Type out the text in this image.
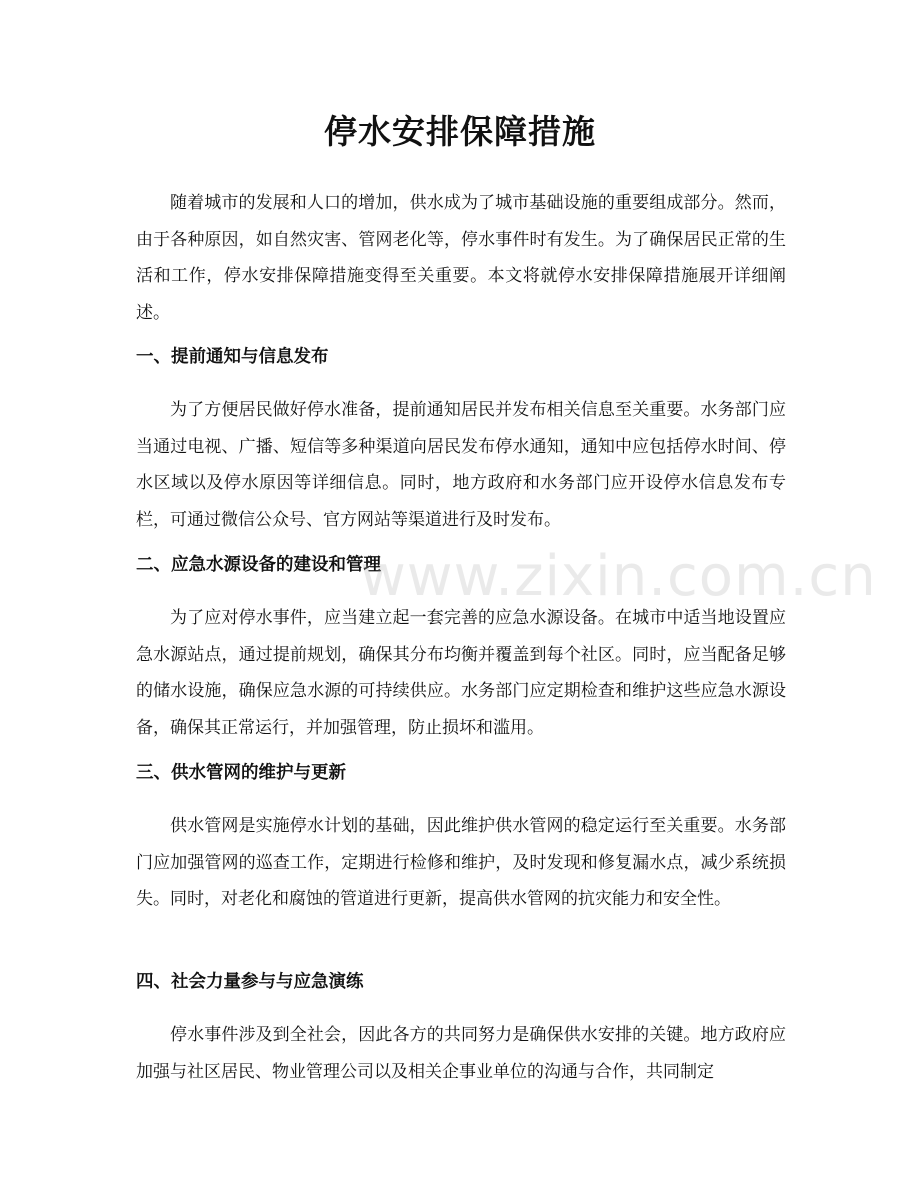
停水安排保障措施

随着城市的发展和人口的增加，供水成为了城市基础设施的重要组成部分。然而，由于各种原因，如自然灾害、管网老化等，停水事件时有发生。为了确保居民正常的生活和工作，停水安排保障措施变得至关重要。本文将就停水安排保障措施展开详细阐述。

一、提前通知与信息发布

为了方便居民做好停水准备，提前通知居民并发布相关信息至关重要。水务部门应当通过电视、广播、短信等多种渠道向居民发布停水通知，通知中应包括停水时间、停水区域以及停水原因等详细信息。同时，地方政府和水务部门应开设停水信息发布专栏，可通过微信公众号、官方网站等渠道进行及时发布。

二、应急水源设备的建设和管理

为了应对停水事件，应当建立起一套完善的应急水源设备。在城市中适当地设置应急水源站点，通过提前规划，确保其分布均衡并覆盖到每个社区。同时，应当配备足够的储水设施，确保应急水源的可持续供应。水务部门应定期检查和维护这些应急水源设备，确保其正常运行，并加强管理，防止损坏和滥用。

三、供水管网的维护与更新

供水管网是实施停水计划的基础，因此维护供水管网的稳定运行至关重要。水务部门应加强管网的巡查工作，定期进行检修和维护，及时发现和修复漏水点，减少系统损失。同时，对老化和腐蚀的管道进行更新，提高供水管网的抗灾能力和安全性。

四、社会力量参与与应急演练

停水事件涉及到全社会，因此各方的共同努力是确保供水安排的关键。地方政府应加强与社区居民、物业管理公司以及相关企事业单位的沟通与合作，共同制定

www.zixin.com.cn
